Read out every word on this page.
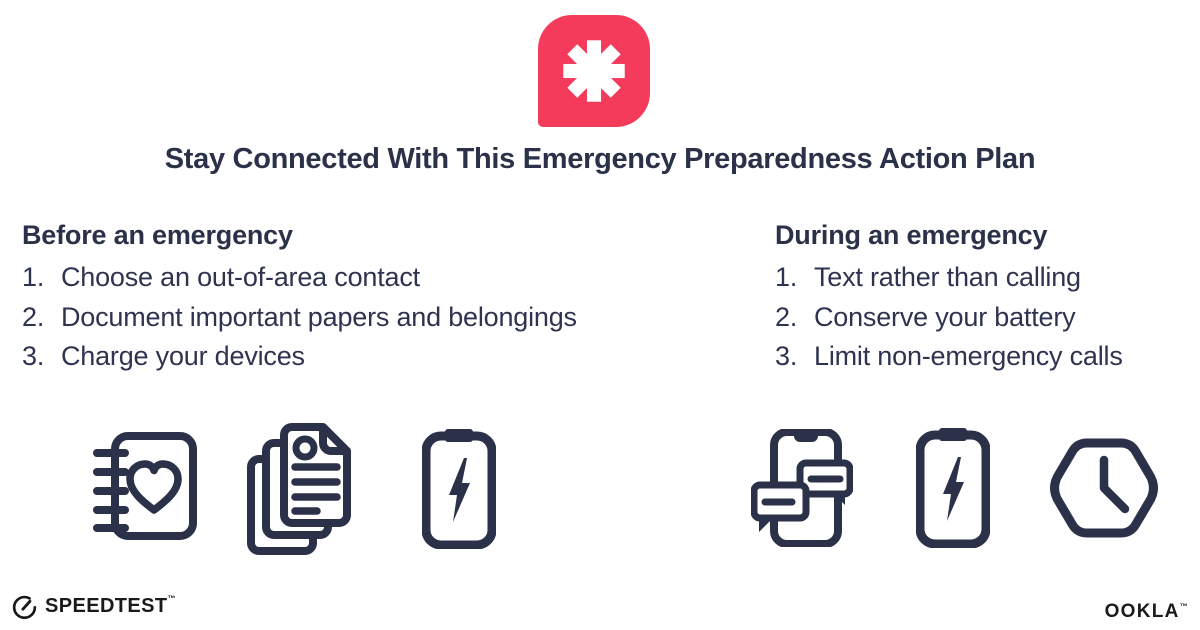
Stay Connected With This Emergency Preparedness Action Plan
Before an emergency
1. Choose an out-of-area contact
2. Document important papers and belongings
3. Charge your devices
During an emergency
1. Text rather than calling
2. Conserve your battery
3. Limit non-emergency calls
SPEEDTEST™
OOKLA™
